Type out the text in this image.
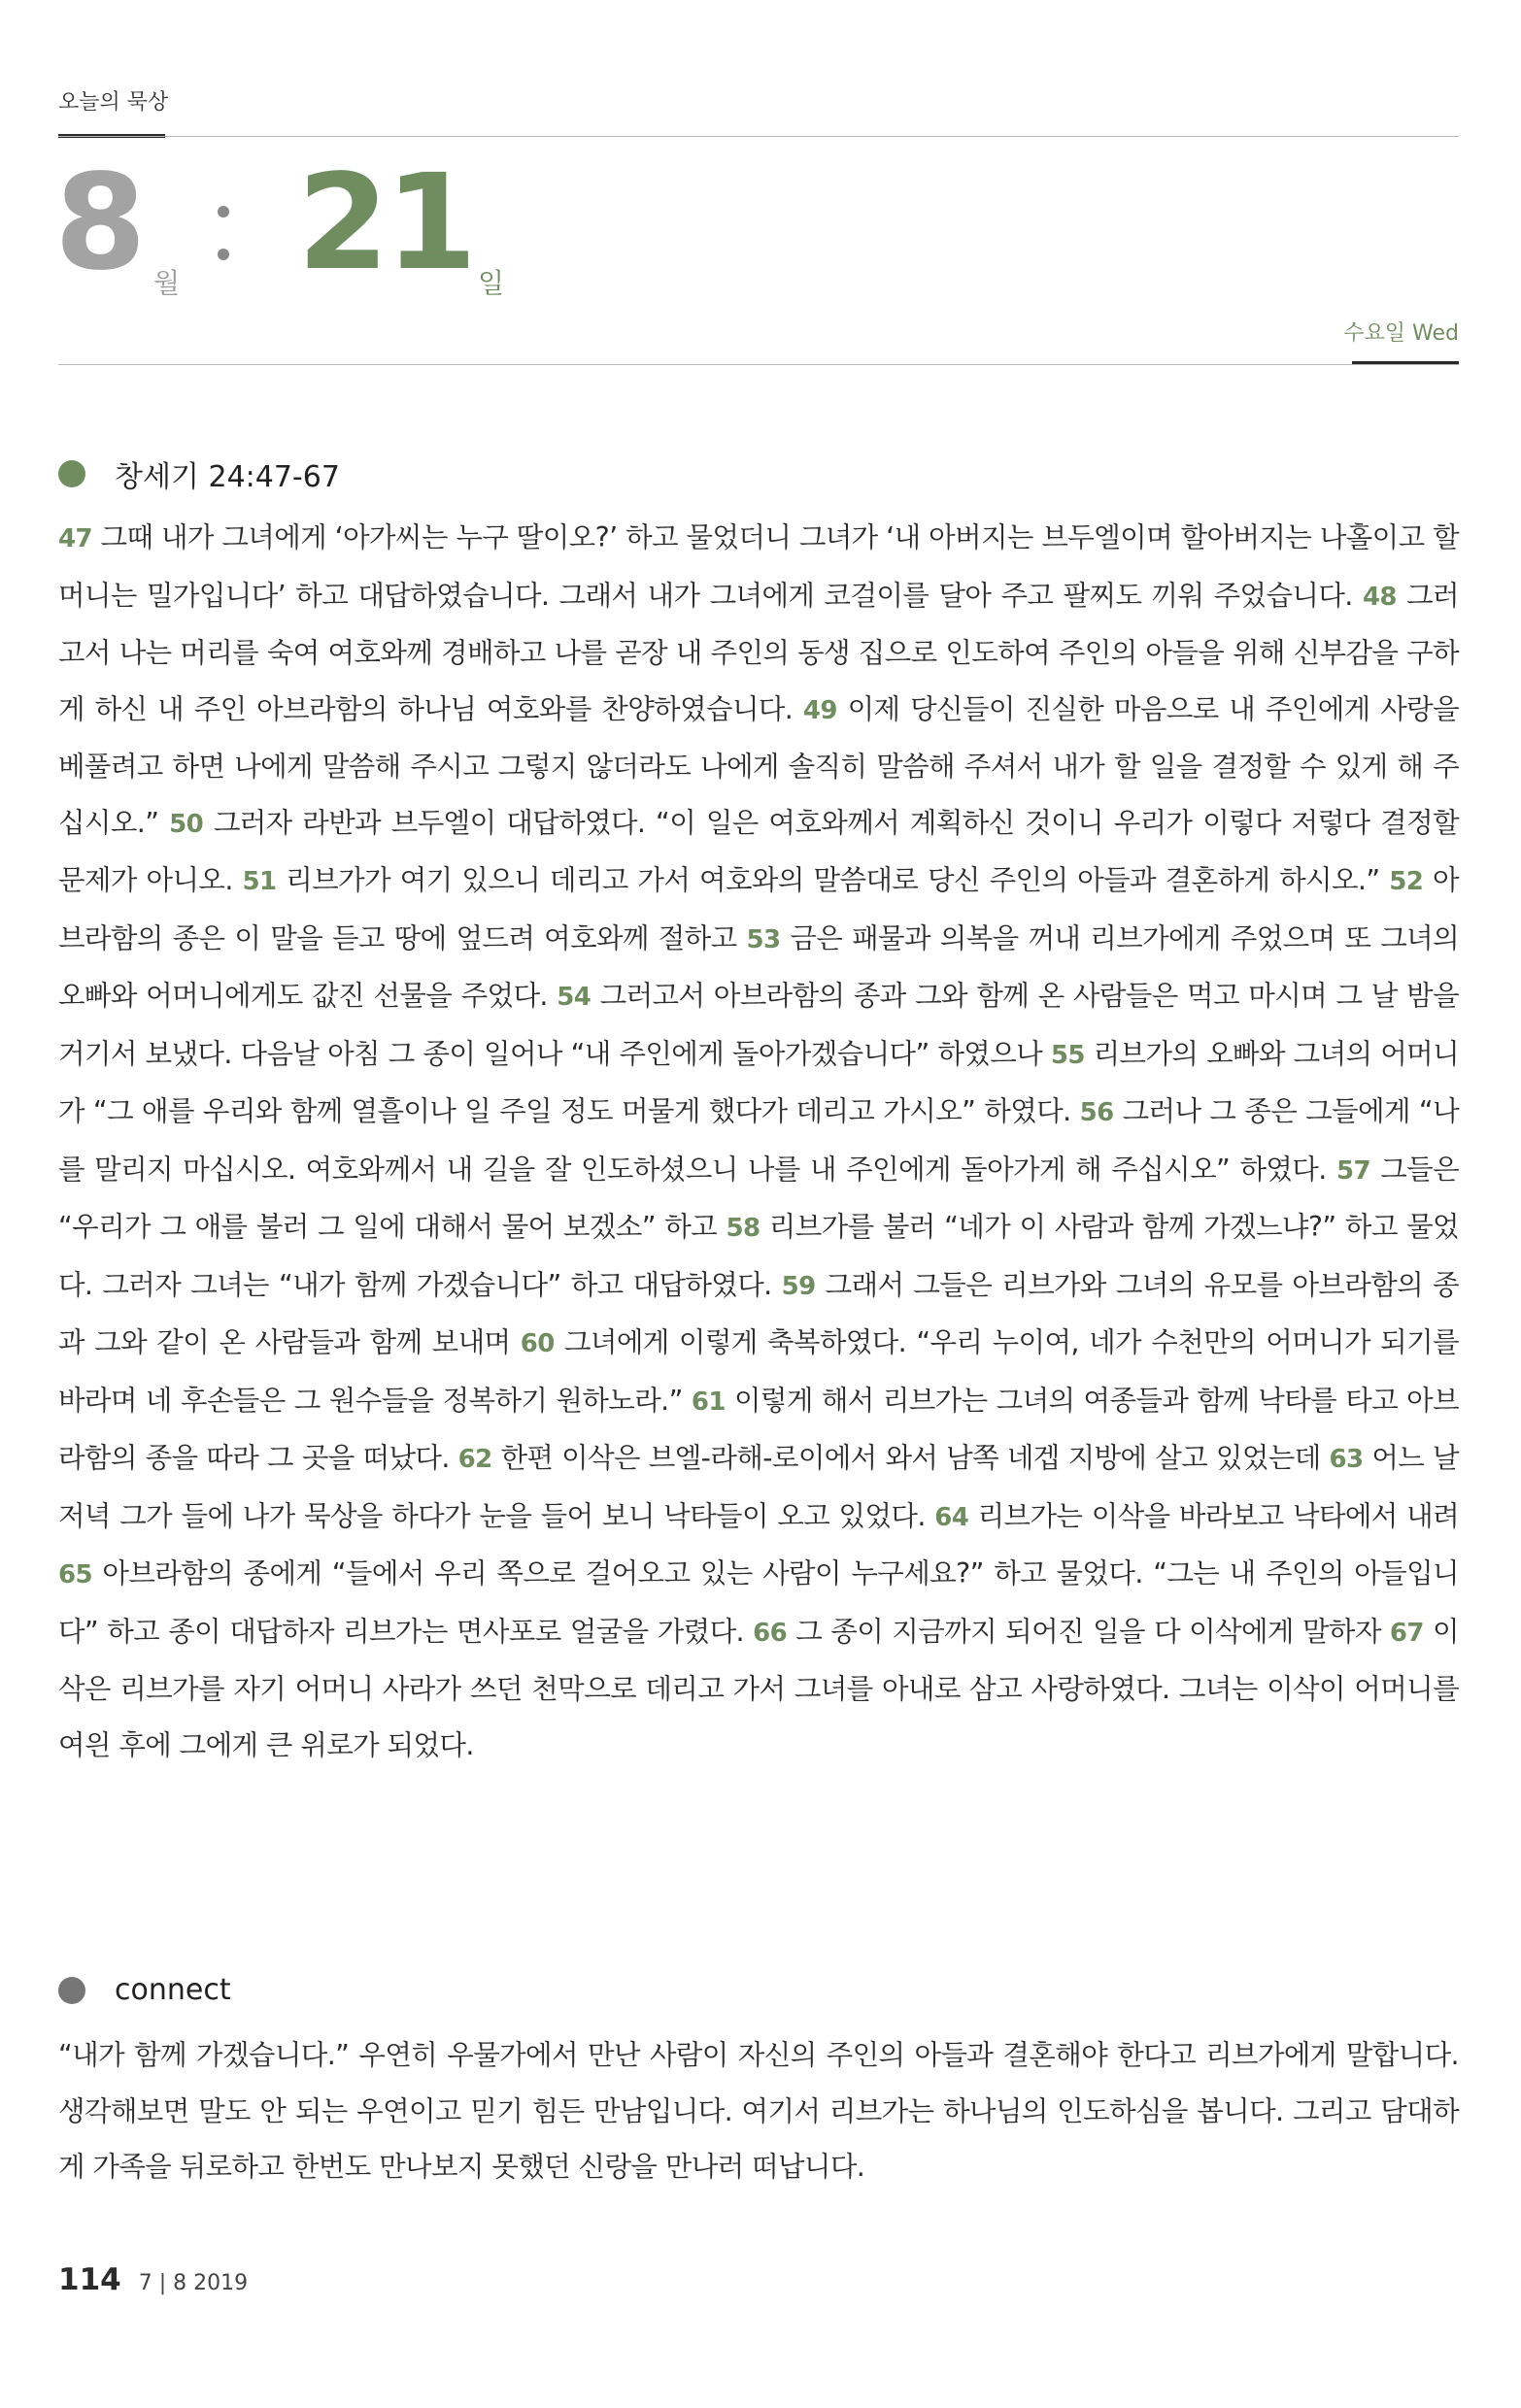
오늘의 묵상
8 월 21 일
수요일 Wed
창세기 24:47-67
47 그때 내가 그녀에게 ‘아가씨는 누구 딸이오?’ 하고 물었더니 그녀가 ‘내 아버지는 브두엘이며 할아버지는 나홀이고 할머니는 밀가입니다’ 하고 대답하였습니다. 그래서 내가 그녀에게 코걸이를 달아 주고 팔찌도 끼워 주었습니다. 48 그러고서 나는 머리를 숙여 여호와께 경배하고 나를 곧장 내 주인의 동생 집으로 인도하여 주인의 아들을 위해 신부감을 구하게 하신 내 주인 아브라함의 하나님 여호와를 찬양하였습니다. 49 이제 당신들이 진실한 마음으로 내 주인에게 사랑을 베풀려고 하면 나에게 말씀해 주시고 그렇지 않더라도 나에게 솔직히 말씀해 주셔서 내가 할 일을 결정할 수 있게 해 주십시오.” 50 그러자 라반과 브두엘이 대답하였다. “이 일은 여호와께서 계획하신 것이니 우리가 이렇다 저렇다 결정할 문제가 아니오. 51 리브가가 여기 있으니 데리고 가서 여호와의 말씀대로 당신 주인의 아들과 결혼하게 하시오.” 52 아브라함의 종은 이 말을 듣고 땅에 엎드려 여호와께 절하고 53 금은 패물과 의복을 꺼내 리브가에게 주었으며 또 그녀의 오빠와 어머니에게도 값진 선물을 주었다. 54 그러고서 아브라함의 종과 그와 함께 온 사람들은 먹고 마시며 그 날 밤을 거기서 보냈다. 다음날 아침 그 종이 일어나 “내 주인에게 돌아가겠습니다” 하였으나 55 리브가의 오빠와 그녀의 어머니가 “그 애를 우리와 함께 열흘이나 일 주일 정도 머물게 했다가 데리고 가시오” 하였다. 56 그러나 그 종은 그들에게 “나를 말리지 마십시오. 여호와께서 내 길을 잘 인도하셨으니 나를 내 주인에게 돌아가게 해 주십시오” 하였다. 57 그들은 “우리가 그 애를 불러 그 일에 대해서 물어 보겠소” 하고 58 리브가를 불러 “네가 이 사람과 함께 가겠느냐?” 하고 물었다. 그러자 그녀는 “내가 함께 가겠습니다” 하고 대답하였다. 59 그래서 그들은 리브가와 그녀의 유모를 아브라함의 종과 그와 같이 온 사람들과 함께 보내며 60 그녀에게 이렇게 축복하였다. “우리 누이여, 네가 수천만의 어머니가 되기를 바라며 네 후손들은 그 원수들을 정복하기 원하노라.” 61 이렇게 해서 리브가는 그녀의 여종들과 함께 낙타를 타고 아브라함의 종을 따라 그 곳을 떠났다. 62 한편 이삭은 브엘-라해-로이에서 와서 남쪽 네겝 지방에 살고 있었는데 63 어느 날 저녁 그가 들에 나가 묵상을 하다가 눈을 들어 보니 낙타들이 오고 있었다. 64 리브가는 이삭을 바라보고 낙타에서 내려 65 아브라함의 종에게 “들에서 우리 쪽으로 걸어오고 있는 사람이 누구세요?” 하고 물었다. “그는 내 주인의 아들입니다” 하고 종이 대답하자 리브가는 면사포로 얼굴을 가렸다. 66 그 종이 지금까지 되어진 일을 다 이삭에게 말하자 67 이삭은 리브가를 자기 어머니 사라가 쓰던 천막으로 데리고 가서 그녀를 아내로 삼고 사랑하였다. 그녀는 이삭이 어머니를 여읜 후에 그에게 큰 위로가 되었다.
connect
“내가 함께 가겠습니다.” 우연히 우물가에서 만난 사람이 자신의 주인의 아들과 결혼해야 한다고 리브가에게 말합니다. 생각해보면 말도 안 되는 우연이고 믿기 힘든 만남입니다. 여기서 리브가는 하나님의 인도하심을 봅니다. 그리고 담대하게 가족을 뒤로하고 한번도 만나보지 못했던 신랑을 만나러 떠납니다.
114 7 | 8 2019
